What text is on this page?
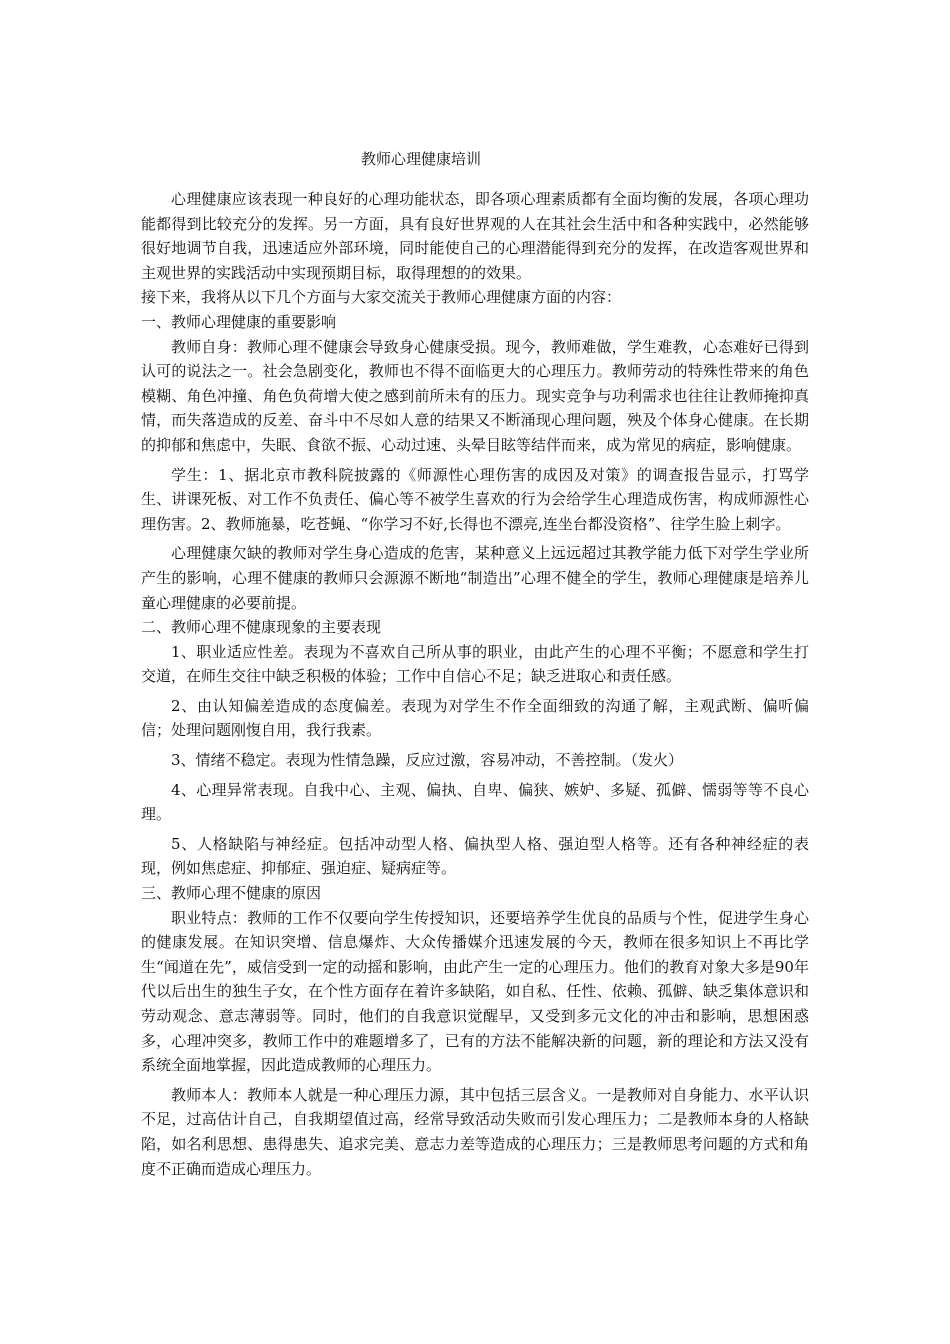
教师心理健康培训

心理健康应该表现一种良好的心理功能状态，即各项心理素质都有全面均衡的发展，各项心理功能都得到比较充分的发挥。另一方面，具有良好世界观的人在其社会生活中和各种实践中，必然能够很好地调节自我，迅速适应外部环境，同时能使自己的心理潜能得到充分的发挥，在改造客观世界和主观世界的实践活动中实现预期目标，取得理想的的效果。

接下来，我将从以下几个方面与大家交流关于教师心理健康方面的内容：

一、教师心理健康的重要影响

教师自身：教师心理不健康会导致身心健康受损。现今，教师难做，学生难教，心态难好已得到认可的说法之一。社会急剧变化，教师也不得不面临更大的心理压力。教师劳动的特殊性带来的角色模糊、角色冲撞、角色负荷增大使之感到前所未有的压力。现实竞争与功利需求也往往让教师掩抑真情，而失落造成的反差、奋斗中不尽如人意的结果又不断涌现心理问题，殃及个体身心健康。在长期的抑郁和焦虑中，失眠、食欲不振、心动过速、头晕目眩等结伴而来，成为常见的病症，影响健康。

学生：1、据北京市教科院披露的《师源性心理伤害的成因及对策》的调查报告显示，打骂学生、讲课死板、对工作不负责任、偏心等不被学生喜欢的行为会给学生心理造成伤害，构成师源性心理伤害。2、教师施暴，吃苍蝇、“你学习不好,长得也不漂亮,连坐台都没资格”、往学生脸上刺字。

心理健康欠缺的教师对学生身心造成的危害，某种意义上远远超过其教学能力低下对学生学业所产生的影响，心理不健康的教师只会源源不断地“制造出”心理不健全的学生，教师心理健康是培养儿童心理健康的必要前提。

二、教师心理不健康现象的主要表现

1、职业适应性差。表现为不喜欢自己所从事的职业，由此产生的心理不平衡；不愿意和学生打交道，在师生交往中缺乏积极的体验；工作中自信心不足；缺乏进取心和责任感。

2、由认知偏差造成的态度偏差。表现为对学生不作全面细致的沟通了解，主观武断、偏听偏信；处理问题刚愎自用，我行我素。

3、情绪不稳定。表现为性情急躁，反应过激，容易冲动，不善控制。（发火）

4、心理异常表现。自我中心、主观、偏执、自卑、偏狭、嫉妒、多疑、孤僻、懦弱等等不良心理。

5、人格缺陷与神经症。包括冲动型人格、偏执型人格、强迫型人格等。还有各种神经症的表现，例如焦虑症、抑郁症、强迫症、疑病症等。

三、教师心理不健康的原因

职业特点：教师的工作不仅要向学生传授知识，还要培养学生优良的品质与个性，促进学生身心的健康发展。在知识突增、信息爆炸、大众传播媒介迅速发展的今天，教师在很多知识上不再比学生“闻道在先”，威信受到一定的动摇和影响，由此产生一定的心理压力。他们的教育对象大多是90年代以后出生的独生子女，在个性方面存在着许多缺陷，如自私、任性、依赖、孤僻、缺乏集体意识和劳动观念、意志薄弱等。同时，他们的自我意识觉醒早，又受到多元文化的冲击和影响，思想困惑多，心理冲突多，教师工作中的难题增多了，已有的方法不能解决新的问题，新的理论和方法又没有系统全面地掌握，因此造成教师的心理压力。

教师本人：教师本人就是一种心理压力源，其中包括三层含义。一是教师对自身能力、水平认识不足，过高估计自己，自我期望值过高，经常导致活动失败而引发心理压力；二是教师本身的人格缺陷，如名利思想、患得患失、追求完美、意志力差等造成的心理压力；三是教师思考问题的方式和角度不正确而造成心理压力。
